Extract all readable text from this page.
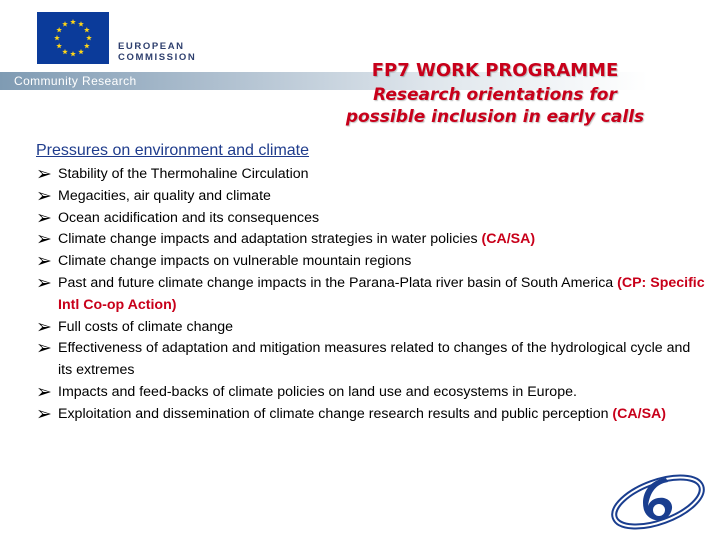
EUROPEAN
COMMISSION
Community Research	FP7 WORK PROGRAMME
Research orientations for
possible inclusion in early calls
Pressures on environment and climate
➢ Stability of the Thermohaline Circulation
➢ Megacities, air quality and climate
➢ Ocean acidification and its consequences
➢ Climate change impacts and adaptation strategies in water policies (CA/SA)
➢ Climate change impacts on vulnerable mountain regions
➢ Past and future climate change impacts in the Parana-Plata river basin of South America (CP: Specific Intl Co-op Action)
➢ Full costs of climate change
➢ Effectiveness of adaptation and mitigation measures related to changes of the hydrological cycle and its extremes
➢ Impacts and feed-backs of climate policies on land use and ecosystems in Europe.
➢ Exploitation and dissemination of climate change research results and public perception (CA/SA)
